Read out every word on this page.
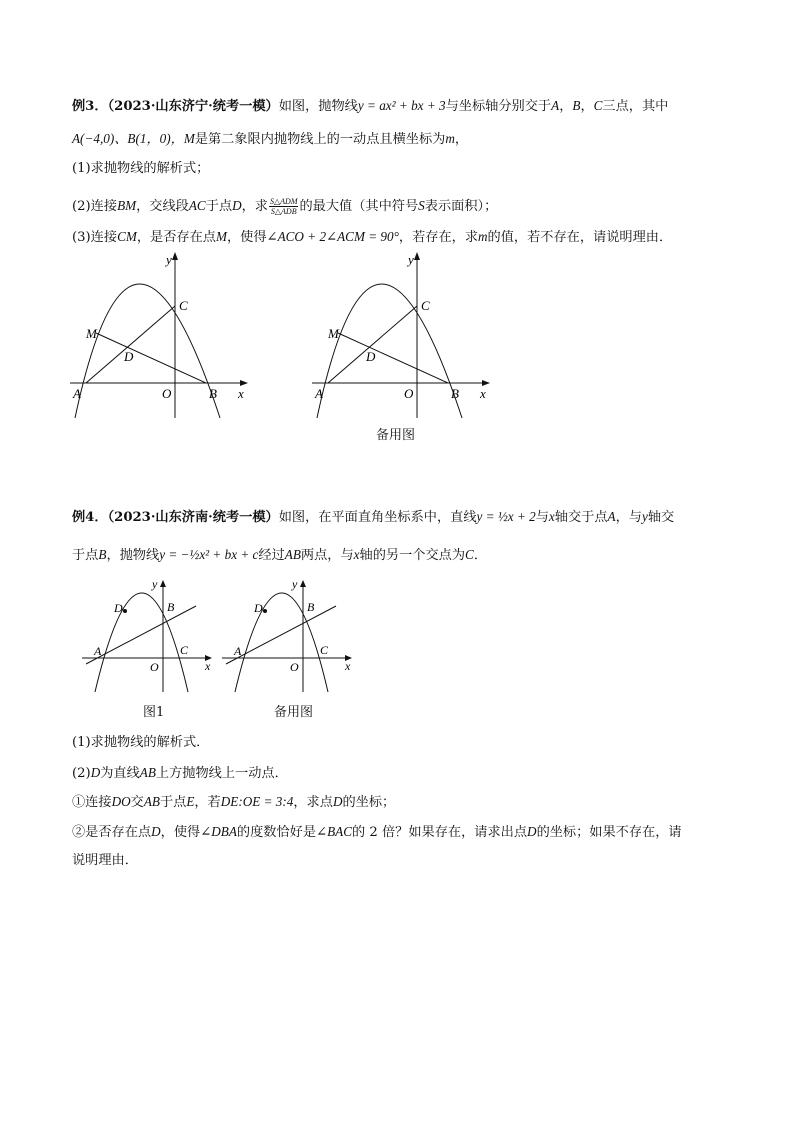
例3．（2023·山东济宁·统考一模）如图，抛物线y = ax² + bx + 3与坐标轴分别交于A，B，C三点，其中
A(−4,0)、B(1，0)，M是第二象限内抛物线上的一动点且横坐标为m，
(1)求抛物线的解析式；
(2)连接BM，交线段AC于点D，求 $\frac{\text{S△ADM}}{\text{S△ADB}}$ 的最大值（其中符号S表示面积）；
(3)连接CM，是否存在点M，使得∠ACO + 2∠ACM = 90°，若存在，求m的值，若不存在，请说明理由．
A	B
C
D
M
O	x
y
A	B
C
D
M
O	x
y
备用图
例4．（2023·山东济南·统考一模）如图，在平面直角坐标系中，直线y = ½x + 2与x轴交于点A，与y轴交
于点B，抛物线y = −½x² + bx + c经过AB两点，与x轴的另一个交点为C．
A
B
C
D
O	x
y
图1
A
B
C
D
O	x
y
备用图
(1)求抛物线的解析式．
(2)D为直线AB上方抛物线上一动点．
①连接DO交AB于点E，若DE:OE = 3:4，求点D的坐标；
②是否存在点D，使得∠DBA的度数恰好是∠BAC的 2 倍？如果存在，请求出点D的坐标；如果不存在，请
说明理由．
